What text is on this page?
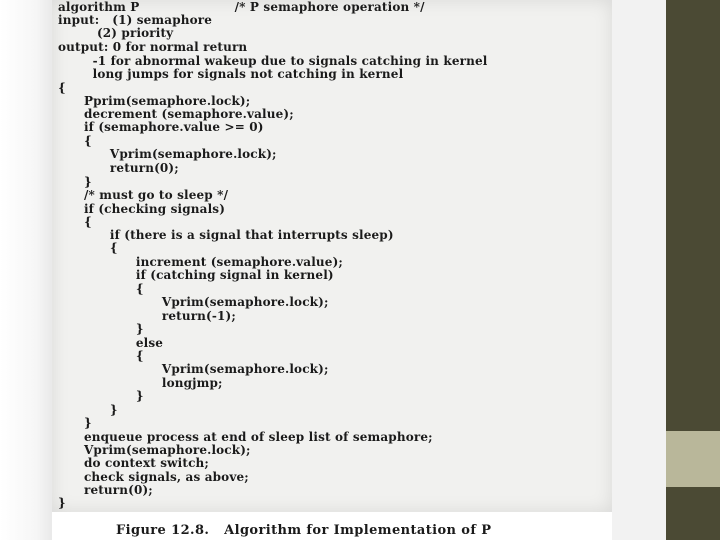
algorithm P                      /* P semaphore operation */
input:   (1) semaphore
(2) priority
output: 0 for normal return
-1 for abnormal wakeup due to signals catching in kernel
long jumps for signals not catching in kernel
{
Pprim(semaphore.lock);
decrement (semaphore.value);
if (semaphore.value >= 0)
{
Vprim(semaphore.lock);
return(0);
}
/* must go to sleep */
if (checking signals)
{
if (there is a signal that interrupts sleep)
{
increment (semaphore.value);
if (catching signal in kernel)
{
Vprim(semaphore.lock);
return(-1);
}
else
{
Vprim(semaphore.lock);
longjmp;
}
}
}
enqueue process at end of sleep list of semaphore;
Vprim(semaphore.lock);
do context switch;
check signals, as above;
return(0);
}
Figure 12.8.   Algorithm for Implementation of P
